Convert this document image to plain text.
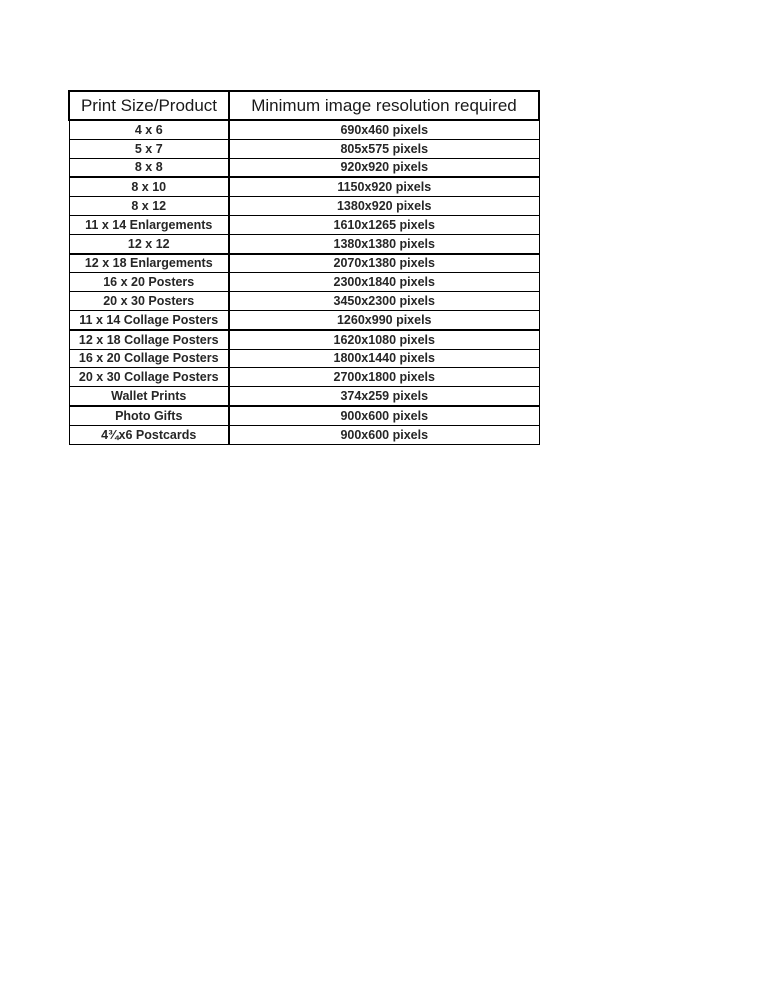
Print Size/Product	Minimum image resolution required
4 x 6	690x460 pixels
5 x 7	805x575 pixels
8 x 8	920x920 pixels
8 x 10	1150x920 pixels
8 x 12	1380x920 pixels
11 x 14 Enlargements	1610x1265 pixels
12 x 12	1380x1380 pixels
12 x 18 Enlargements	2070x1380 pixels
16 x 20 Posters	2300x1840 pixels
20 x 30 Posters	3450x2300 pixels
11 x 14 Collage Posters	1260x990 pixels
12 x 18 Collage Posters	1620x1080 pixels
16 x 20 Collage Posters	1800x1440 pixels
20 x 30 Collage Posters	2700x1800 pixels
Wallet Prints	374x259 pixels
Photo Gifts	900x600 pixels
4¾x6 Postcards	900x600 pixels
